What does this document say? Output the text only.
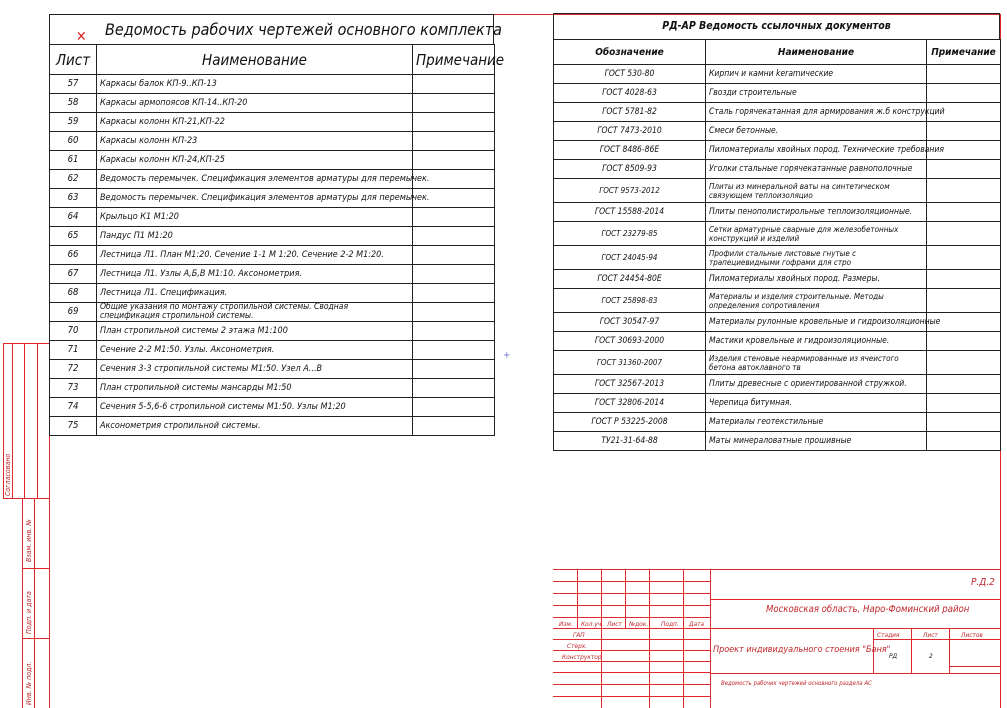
✕
+
Ведомость рабочих чертежей основного комплекта
Лист	Наименование	Примечание
57	Каркасы балок КП-9..КП-13	
58	Каркасы армопоясов КП-14..КП-20	
59	Каркасы колонн КП-21,КП-22	
60	Каркасы колонн КП-23	
61	Каркасы колонн КП-24,КП-25	
62	Ведомость перемычек. Спецификация элементов арматуры для перемычек.	
63	Ведомость перемычек. Спецификация элементов арматуры для перемычек.	
64	Крыльцо К1 М1:20	
65	Пандус П1 М1:20	
66	Лестница Л1. План М1:20. Сечение 1-1 М 1:20. Сечение 2-2 М1:20.	
67	Лестница Л1. Узлы А,Б,В М1:10. Аксонометрия.	
68	Лестница Л1. Спецификация.	
69	Общие указания по монтажу стропильной системы. Сводная спецификация стропильной системы.	
70	План стропильной системы 2 этажа М1:100	
71	Сечение 2-2 М1:50. Узлы. Аксонометрия.	
72	Сечения 3-3 стропильной системы М1:50. Узел А...В	
73	План стропильной системы мансарды М1:50	
74	Сечения 5-5,6-6 стропильной системы М1:50. Узлы М1:20	
75	Аксонометрия стропильной системы.	
РД-АР Ведомость ссылочных документов
Обозначение	Наименование	Примечание
ГОСТ 530-80	Кирпич и камни keramические	
ГОСТ 4028-63	Гвозди строительные	
ГОСТ 5781-82	Сталь горячекатанная для армирования ж.б конструкций	
ГОСТ 7473-2010	Смеси бетонные.	
ГОСТ 8486-86Е	Пиломатериалы хвойных пород. Технические требования	
ГОСТ 8509-93	Уголки стальные горячекатанные равнополочные	
ГОСТ 9573-2012	Плиты из минеральной ваты на синтетическом связующем теплоизоляцио	
ГОСТ 15588-2014	Плиты пенополистирольные теплоизоляционные.	
ГОСТ 23279-85	Сетки арматурные сварные для железобетонных конструкций и изделий	
ГОСТ 24045-94	Профили стальные листовые гнутые с трапециевидными гофрами для стро	
ГОСТ 24454-80Е	Пиломатериалы хвойных пород. Размеры.	
ГОСТ 25898-83	Материалы и изделия строительные. Методы определения сопротивления	
ГОСТ 30547-97	Материалы рулонные кровельные и гидроизоляционные	
ГОСТ 30693-2000	Мастики кровельные и гидроизоляционные.	
ГОСТ 31360-2007	Изделия стеновые неармированные из ячеистого бетона автоклавного тв	
ГОСТ 32567-2013	Плиты древесные с ориентированной стружкой.	
ГОСТ 32806-2014	Черепица битумная.	
ГОСТ Р 53225-2008	Материалы геотекстильные	
ТУ21-31-64-88	Маты минераловатные прошивные	
Согласовано
Взам. инв. №
Подп. и дата
Инв. № подл.
Изм. Кол.уч. Лист №док. Подп. Дата
ГАП
Стерх.
Конструктор
Р.Д.2
Московская область, Наро-Фоминский район
Проект индивидуального стоения "Баня"
Стадия	Лист	Листов
РД	2
Ведомость рабочих чертежей основного раздела АС
